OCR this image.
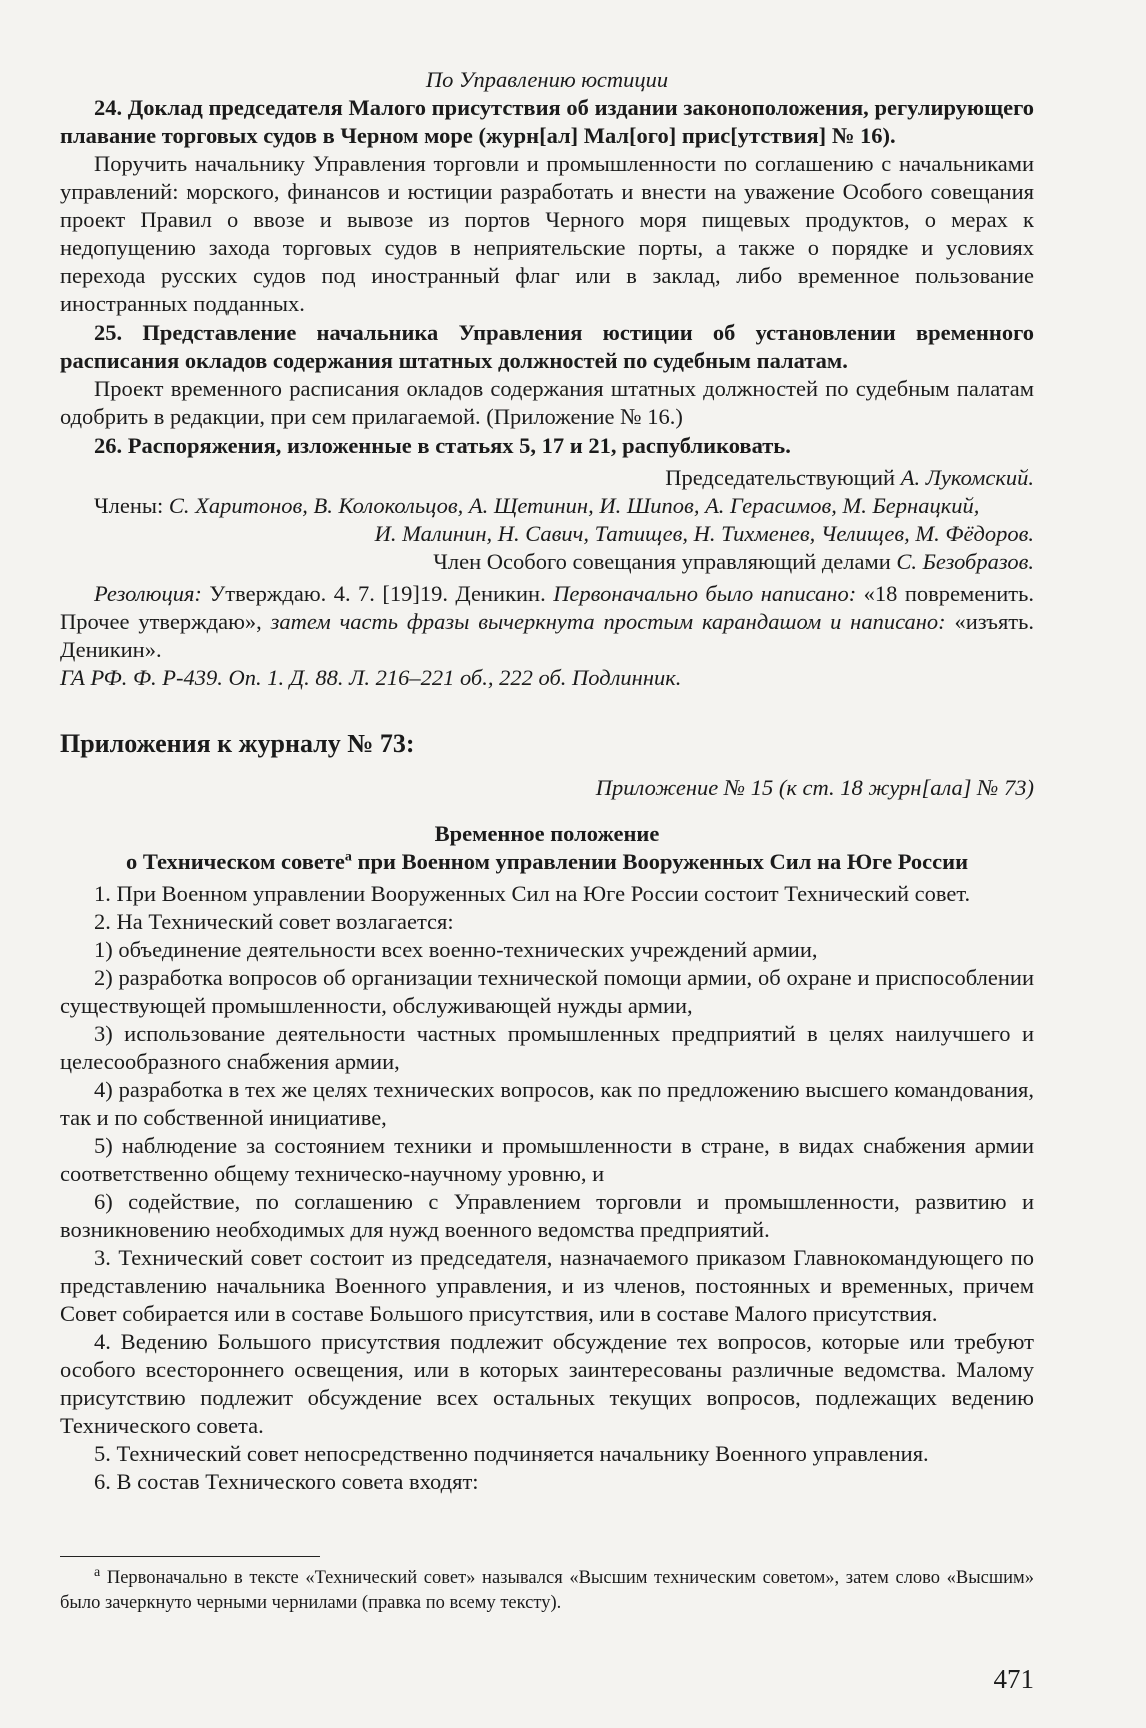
По Управлению юстиции

24. Доклад председателя Малого присутствия об издании законоположения, регулирующего плавание торговых судов в Черном море (журн[ал] Мал[ого] прис[утствия] № 16).

Поручить начальнику Управления торговли и промышленности по соглашению с начальниками управлений: морского, финансов и юстиции разработать и внести на уважение Особого совещания проект Правил о ввозе и вывозе из портов Черного моря пищевых продуктов, о мерах к недопущению захода торговых судов в неприятельские порты, а также о порядке и условиях перехода русских судов под иностранный флаг или в заклад, либо временное пользование иностранных подданных.

25. Представление начальника Управления юстиции об установлении временного расписания окладов содержания штатных должностей по судебным палатам.

Проект временного расписания окладов содержания штатных должностей по судебным палатам одобрить в редакции, при сем прилагаемой. (Приложение № 16.)

26. Распоряжения, изложенные в статьях 5, 17 и 21, распубликовать.

Председательствующий А. Лукомский.

Члены: С. Харитонов, В. Колокольцов, А. Щетинин, И. Шипов, А. Герасимов, М. Бернацкий,

И. Малинин, Н. Савич, Татищев, Н. Тихменев, Челищев, М. Фёдоров.

Член Особого совещания управляющий делами С. Безобразов.

Резолюция: Утверждаю. 4. 7. [19]19. Деникин. Первоначально было написано: «18 повременить. Прочее утверждаю», затем часть фразы вычеркнута простым карандашом и написано: «изъять. Деникин».
ГА РФ. Ф. Р-439. Оп. 1. Д. 88. Л. 216–221 об., 222 об. Подлинник.
Приложения к журналу № 73:
Приложение № 15 (к ст. 18 журн[ала] № 73)

Временное положение

о Техническом совете$^а$ при Военном управлении Вооруженных Сил на Юге России

1. При Военном управлении Вооруженных Сил на Юге России состоит Технический совет.

2. На Технический совет возлагается:

1) объединение деятельности всех военно-технических учреждений армии,

2) разработка вопросов об организации технической помощи армии, об охране и приспособлении существующей промышленности, обслуживающей нужды армии,

3) использование деятельности частных промышленных предприятий в целях наилучшего и целесообразного снабжения армии,

4) разработка в тех же целях технических вопросов, как по предложению высшего командования, так и по собственной инициативе,

5) наблюдение за состоянием техники и промышленности в стране, в видах снабжения армии соответственно общему техническо-научному уровню, и

6) содействие, по соглашению с Управлением торговли и промышленности, развитию и возникновению необходимых для нужд военного ведомства предприятий.

3. Технический совет состоит из председателя, назначаемого приказом Главнокомандующего по представлению начальника Военного управления, и из членов, постоянных и временных, причем Совет собирается или в составе Большого присутствия, или в составе Малого присутствия.

4. Ведению Большого присутствия подлежит обсуждение тех вопросов, которые или требуют особого всестороннего освещения, или в которых заинтересованы различные ведомства. Малому присутствию подлежит обсуждение всех остальных текущих вопросов, подлежащих ведению Технического совета.

5. Технический совет непосредственно подчиняется начальнику Военного управления.

6. В состав Технического совета входят:

$^а$ Первоначально в тексте «Технический совет» назывался «Высшим техническим советом», затем слово «Высшим» было зачеркнуто черными чернилами (правка по всему тексту).

471
